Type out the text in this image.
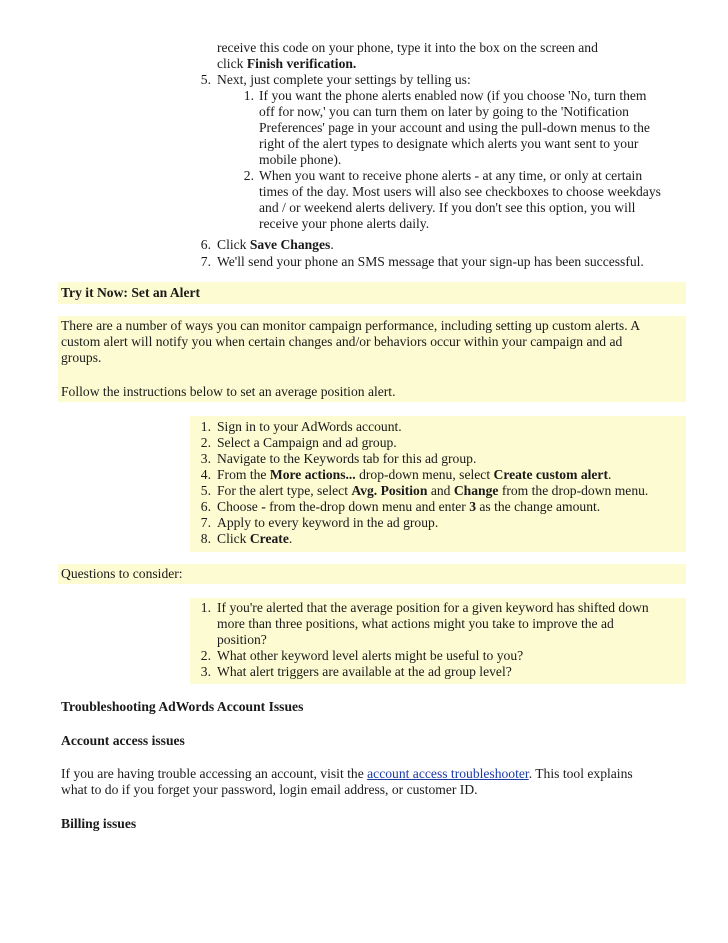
receive this code on your phone, type it into the box on the screen and
click Finish verification.
5. Next, just complete your settings by telling us:
1. If you want the phone alerts enabled now (if you choose 'No, turn them
off for now,' you can turn them on later by going to the 'Notification
Preferences' page in your account and using the pull-down menus to the
right of the alert types to designate which alerts you want sent to your
mobile phone).
2. When you want to receive phone alerts - at any time, or only at certain
times of the day. Most users will also see checkboxes to choose weekdays
and / or weekend alerts delivery. If you don't see this option, you will
receive your phone alerts daily.
6. Click Save Changes.
7. We'll send your phone an SMS message that your sign-up has been successful.
Try it Now: Set an Alert
There are a number of ways you can monitor campaign performance, including setting up custom alerts. A
custom alert will notify you when certain changes and/or behaviors occur within your campaign and ad
groups.
Follow the instructions below to set an average position alert.
1. Sign in to your AdWords account.
2. Select a Campaign and ad group.
3. Navigate to the Keywords tab for this ad group.
4. From the More actions... drop-down menu, select Create custom alert.
5. For the alert type, select Avg. Position and Change from the drop-down menu.
6. Choose - from the-drop down menu and enter 3 as the change amount.
7. Apply to every keyword in the ad group.
8. Click Create.
Questions to consider:
1. If you're alerted that the average position for a given keyword has shifted down
more than three positions, what actions might you take to improve the ad
position?
2. What other keyword level alerts might be useful to you?
3. What alert triggers are available at the ad group level?
Troubleshooting AdWords Account Issues
Account access issues
If you are having trouble accessing an account, visit the account access troubleshooter. This tool explains
what to do if you forget your password, login email address, or customer ID.
Billing issues
